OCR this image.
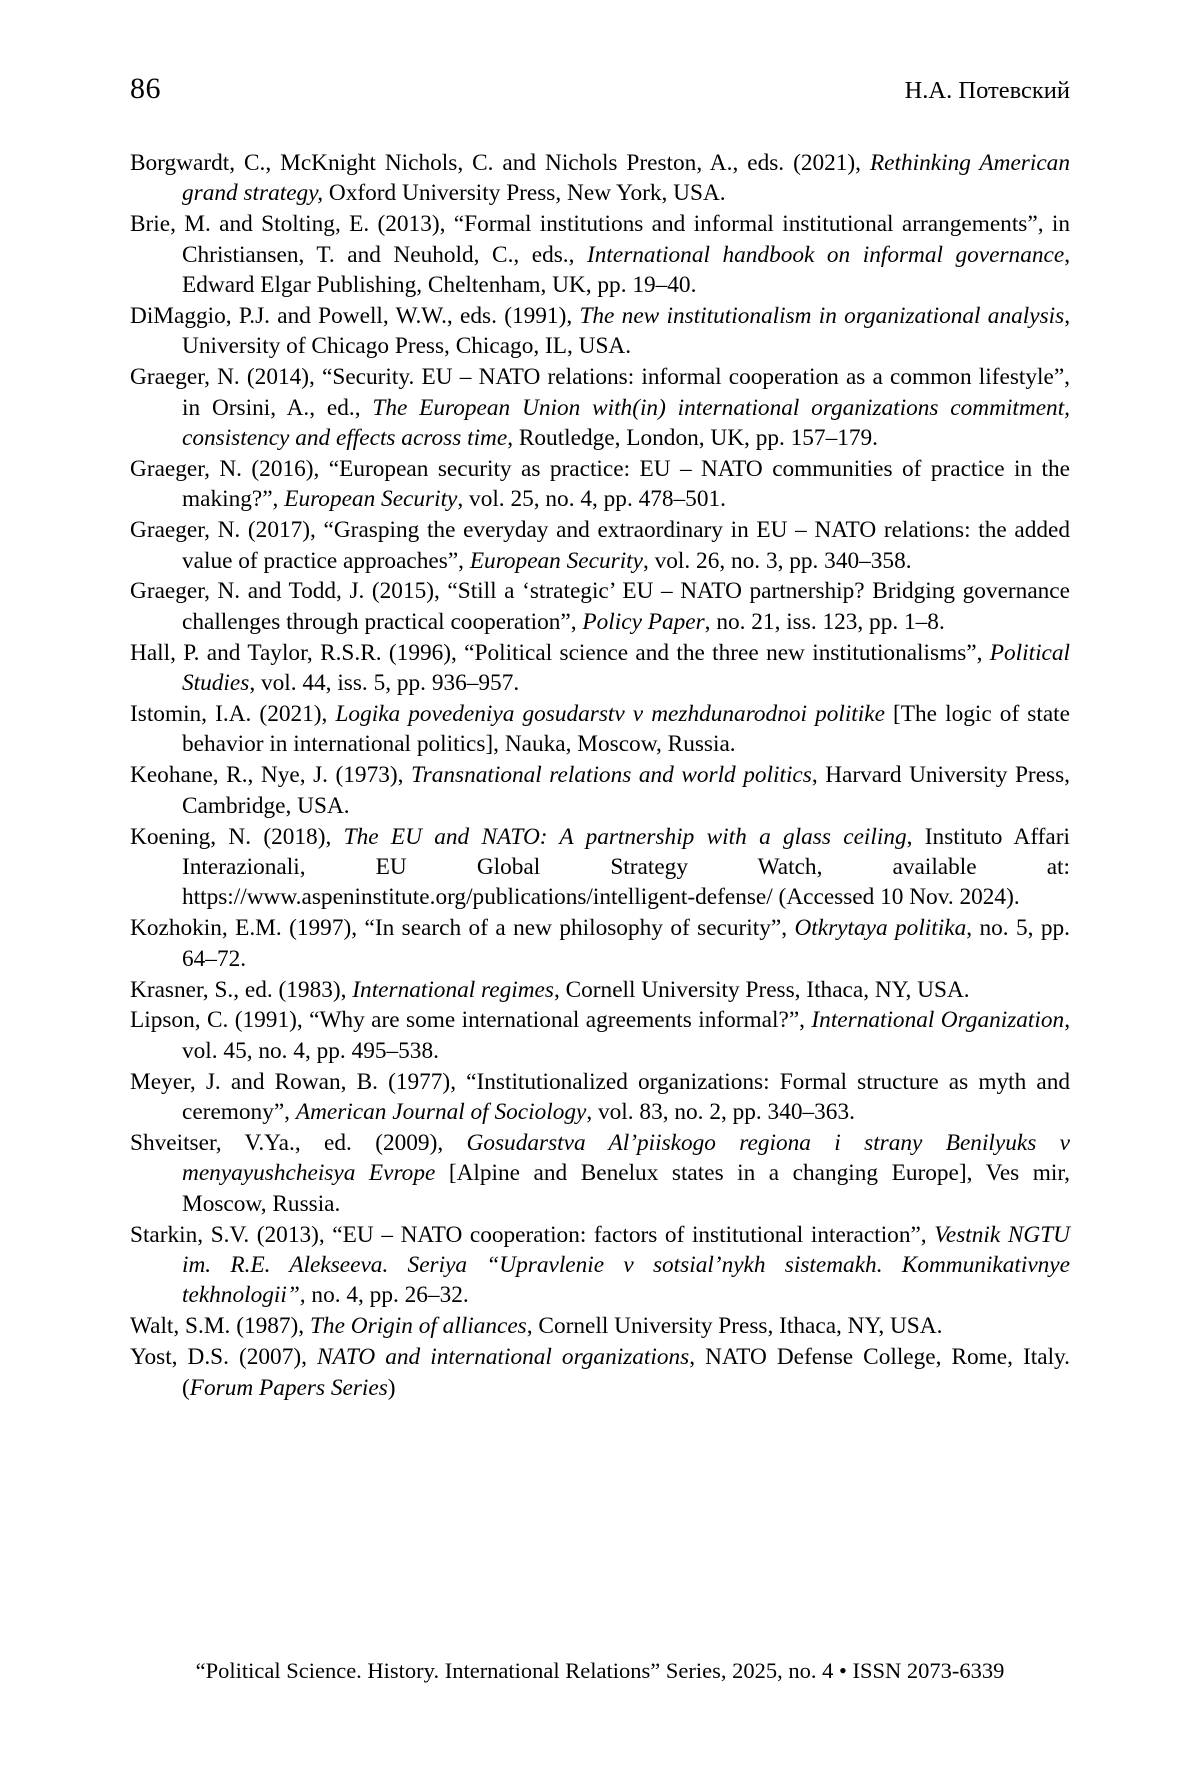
86	Н.А. Потевский

Borgwardt, C., McKnight Nichols, C. and Nichols Preston, A., eds. (2021), Rethinking American grand strategy, Oxford University Press, New York, USA.

Brie, M. and Stolting, E. (2013), “Formal institutions and informal institutional arrangements”, in Christiansen, T. and Neuhold, C., eds., International handbook on informal governance, Edward Elgar Publishing, Cheltenham, UK, pp. 19–40.

DiMaggio, P.J. and Powell, W.W., eds. (1991), The new institutionalism in organizational analysis, University of Chicago Press, Chicago, IL, USA.

Graeger, N. (2014), “Security. EU – NATO relations: informal cooperation as a common lifestyle”, in Orsini, A., ed., The European Union with(in) international organizations commitment, consistency and effects across time, Routledge, London, UK, pp. 157–179.

Graeger, N. (2016), “European security as practice: EU – NATO communities of practice in the making?”, European Security, vol. 25, no. 4, pp. 478–501.

Graeger, N. (2017), “Grasping the everyday and extraordinary in EU – NATO relations: the added value of practice approaches”, European Security, vol. 26, no. 3, pp. 340–358.

Graeger, N. and Todd, J. (2015), “Still a ‘strategic’ EU – NATO partnership? Bridging governance challenges through practical cooperation”, Policy Paper, no. 21, iss. 123, pp. 1–8.

Hall, P. and Taylor, R.S.R. (1996), “Political science and the three new institutionalisms”, Political Studies, vol. 44, iss. 5, pp. 936–957.

Istomin, I.A. (2021), Logika povedeniya gosudarstv v mezhdunarodnoi politike [The logic of state behavior in international politics], Nauka, Moscow, Russia.

Keohane, R., Nye, J. (1973), Transnational relations and world politics, Harvard University Press, Cambridge, USA.

Koening, N. (2018), The EU and NATO: A partnership with a glass ceiling, Instituto Affari Interazionali, EU Global Strategy Watch, available at: https://www.aspeninstitute.org/publications/intelligent-defense/ (Accessed 10 Nov. 2024).

Kozhokin, E.M. (1997), “In search of a new philosophy of security”, Otkrytaya politika, no. 5, pp. 64–72.

Krasner, S., ed. (1983), International regimes, Cornell University Press, Ithaca, NY, USA.

Lipson, C. (1991), “Why are some international agreements informal?”, International Organization, vol. 45, no. 4, pp. 495–538.

Meyer, J. and Rowan, B. (1977), “Institutionalized organizations: Formal structure as myth and ceremony”, American Journal of Sociology, vol. 83, no. 2, pp. 340–363.

Shveitser, V.Ya., ed. (2009), Gosudarstva Al’piiskogo regiona i strany Benilyuks v menyayushcheisya Evrope [Alpine and Benelux states in a changing Europe], Ves mir, Moscow, Russia.

Starkin, S.V. (2013), “EU – NATO cooperation: factors of institutional interaction”, Vestnik NGTU im. R.E. Alekseeva. Seriya “Upravlenie v sotsial’nykh sistemakh. Kommunikativnye tekhnologii”, no. 4, pp. 26–32.

Walt, S.M. (1987), The Origin of alliances, Cornell University Press, Ithaca, NY, USA.

Yost, D.S. (2007), NATO and international organizations, NATO Defense College, Rome, Italy. (Forum Papers Series)

“Political Science. History. International Relations” Series, 2025, no. 4 • ISSN 2073-6339
